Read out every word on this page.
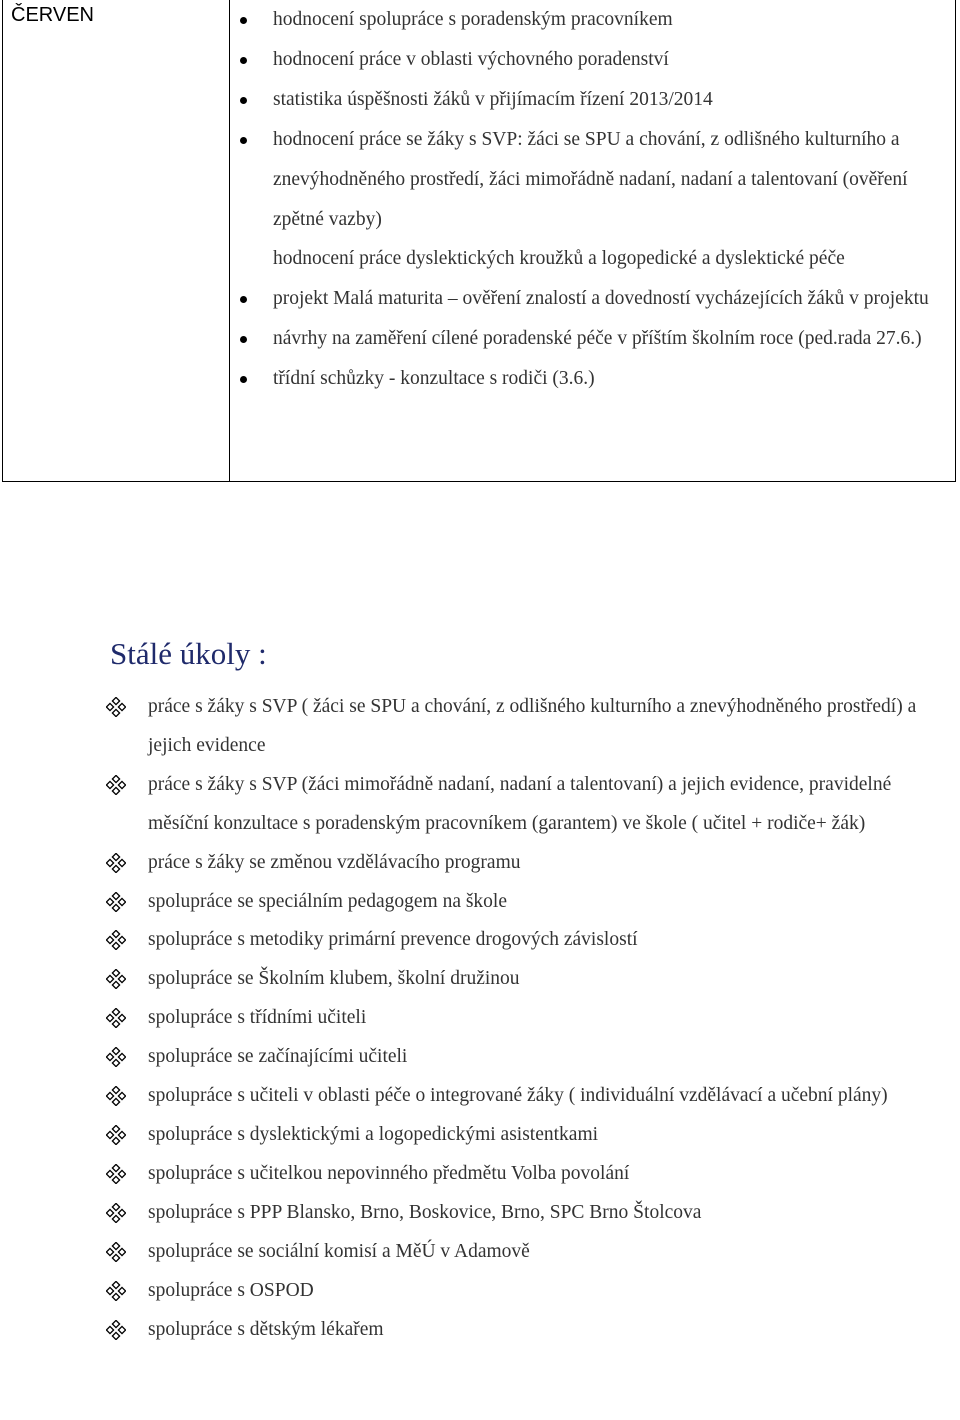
ČERVEN	hodnocení spolupráce s poradenským pracovníkem
hodnocení práce v oblasti výchovného poradenství
statistika úspěšnosti žáků v přijímacím řízení 2013/2014
hodnocení práce se žáky s SVP: žáci se SPU a chování, z odlišného kulturního a znevýhodněného prostředí, žáci mimořádně nadaní, nadaní a talentovaní (ověření zpětné vazby)
hodnocení práce dyslektických kroužků a logopedické a dyslektické péče
projekt Malá maturita – ověření znalostí a dovedností vycházejících žáků v projektu
návrhy na zaměření cílené poradenské péče v příštím školním roce (ped.rada 27.6.)
třídní schůzky - konzultace s rodiči (3.6.)
Stálé úkoly :
práce s žáky s SVP ( žáci se SPU a chování, z odlišného kulturního a znevýhodněného prostředí) a jejich evidence
práce s žáky s SVP (žáci mimořádně nadaní, nadaní a talentovaní) a jejich evidence, pravidelné měsíční konzultace s poradenským pracovníkem (garantem) ve škole ( učitel + rodiče+ žák)
práce s žáky se změnou vzdělávacího programu
spolupráce se speciálním pedagogem na škole
spolupráce s metodiky primární prevence drogových závislostí
spolupráce se Školním klubem, školní družinou
spolupráce s třídními učiteli
spolupráce se začínajícími učiteli
spolupráce s učiteli v oblasti péče o integrované žáky ( individuální vzdělávací a učební plány)
spolupráce s dyslektickými a logopedickými asistentkami
spolupráce s učitelkou nepovinného předmětu Volba povolání
spolupráce s PPP Blansko, Brno, Boskovice, Brno, SPC Brno Štolcova
spolupráce se sociální komisí a MěÚ v Adamově
spolupráce s OSPOD
spolupráce s dětským lékařem
